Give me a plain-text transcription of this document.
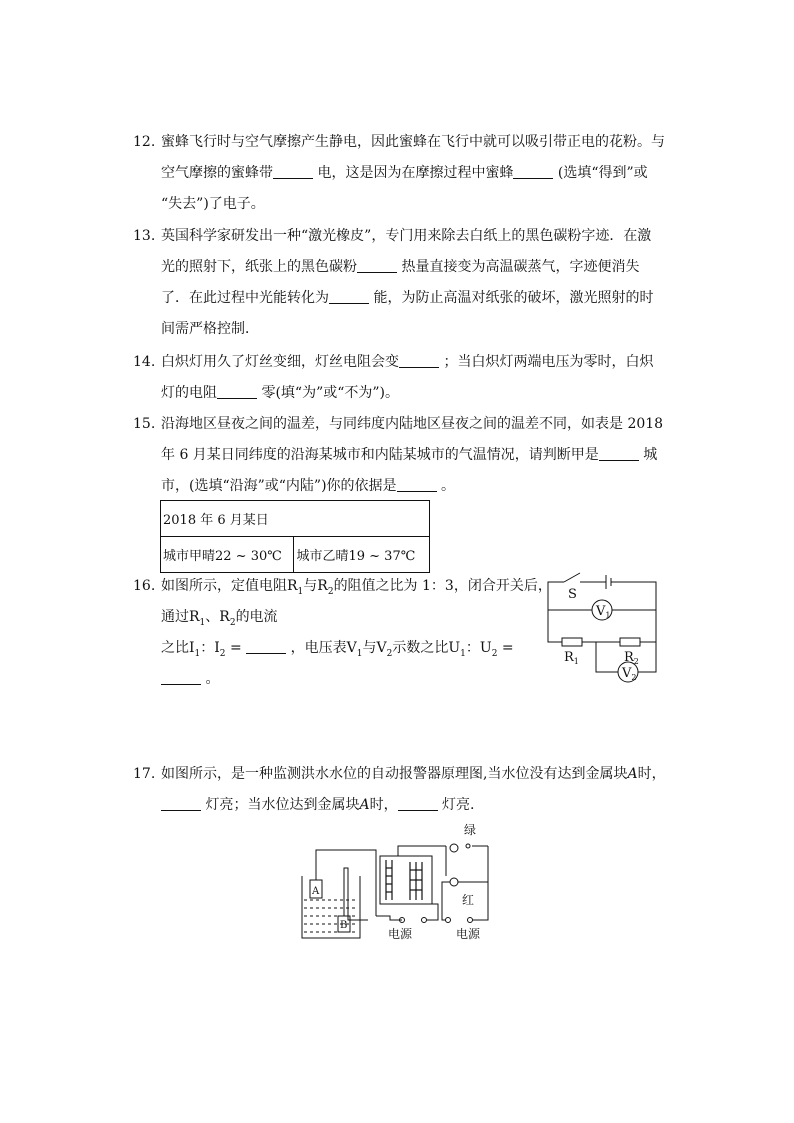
12. 蜜蜂飞行时与空气摩擦产生静电，因此蜜蜂在飞行中就可以吸引带正电的花粉。与
空气摩擦的蜜蜂带	电，这是因为在摩擦过程中蜜蜂	(选填“得到”或
“失去”)了电子。
13. 英国科学家研发出一种“激光橡皮”，专门用来除去白纸上的黑色碳粉字迹．在激
光的照射下，纸张上的黑色碳粉	热量直接变为高温碳蒸气，字迹便消失
了．在此过程中光能转化为	能，为防止高温对纸张的破坏，激光照射的时
间需严格控制．
14. 白炽灯用久了灯丝变细，灯丝电阻会变	；当白炽灯两端电压为零时，白炽
灯的电阻	零(填“为”或“不为”)。
15. 沿海地区昼夜之间的温差，与同纬度内陆地区昼夜之间的温差不同，如表是 2018
年 6 月某日同纬度的沿海某城市和内陆某城市的气温情况，请判断甲是	城
市，(选填“沿海”或“内陆”)你的依据是	。
2018 年 6 月某日
城市甲晴22 ~ 30℃	城市乙晴19 ~ 37℃
16. 如图所示，定值电阻$R_1$与$R_2$的阻值之比为 1：3，闭合开关后，
通过$R_1$、$R_2$的电流
之比$I_1$：$I_2$ =	，电压表$V_1$与$V_2$示数之比$U_1$：$U_2$ =
。
S
$V_1$
$R_1$	$R_2$
$V_2$
17. 如图所示，是一种监测洪水水位的自动报警器原理图,当水位没有达到金属块A时，
灯亮；当水位达到金属块A时，	灯亮.
A
B
绿
红
电源	电源
